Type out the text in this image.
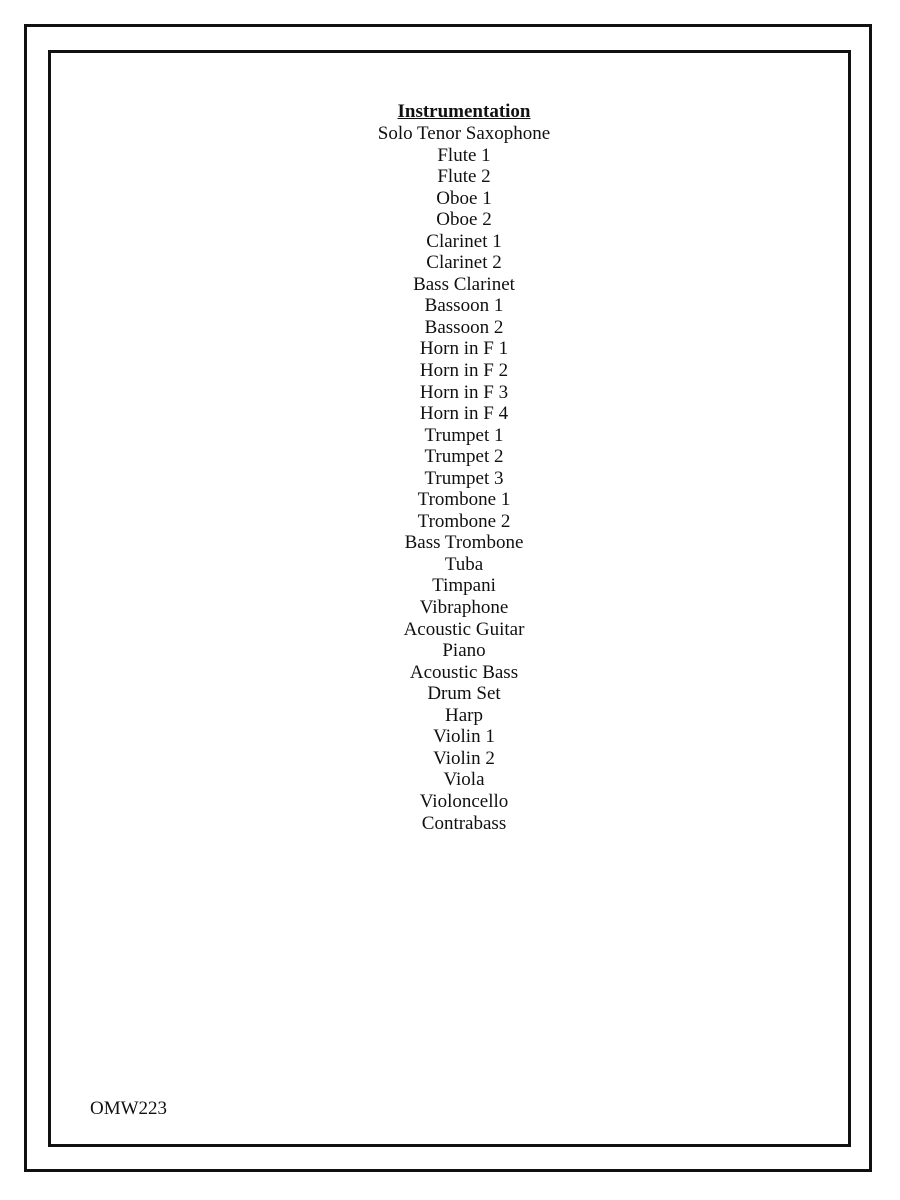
Instrumentation
Solo Tenor Saxophone
Flute 1
Flute 2
Oboe 1
Oboe 2
Clarinet 1
Clarinet 2
Bass Clarinet
Bassoon 1
Bassoon 2
Horn in F 1
Horn in F 2
Horn in F 3
Horn in F 4
Trumpet 1
Trumpet 2
Trumpet 3
Trombone 1
Trombone 2
Bass Trombone
Tuba
Timpani
Vibraphone
Acoustic Guitar
Piano
Acoustic Bass
Drum Set
Harp
Violin 1
Violin 2
Viola
Violoncello
Contrabass
OMW223
